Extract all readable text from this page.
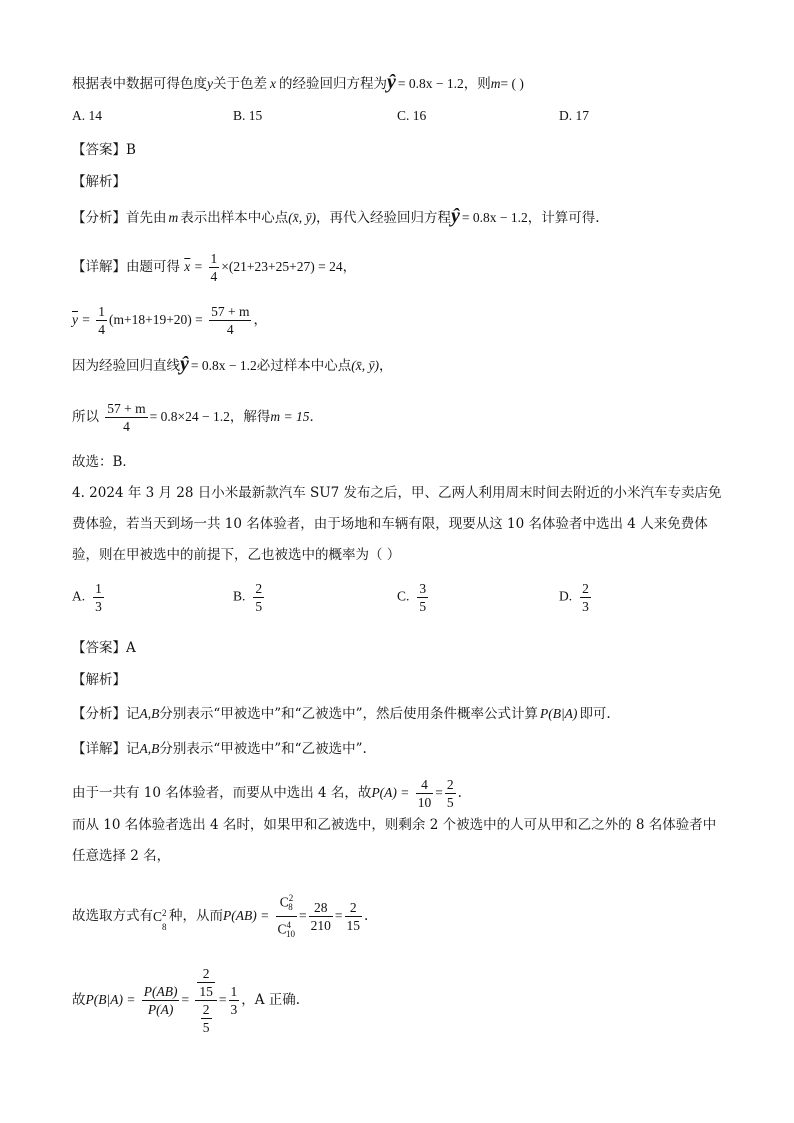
根据表中数据可得色度y关于色差 x 的经验回归方程为ŷ = 0.8x − 1.2，则m= ( )
A. 14	B. 15	C. 16	D. 17
【答案】B
【解析】
【分析】首先由 m 表示出样本中心点(x̄, ȳ)，再代入经验回归方程ŷ = 0.8x − 1.2，计算可得.
【详解】由题可得 $\overline{x} = \frac{1}{4} \times(21+23+25+27) = 24$，
$\overline{y} = \frac{1}{4} (m+18+19+20) = \frac{57 + m}{4}$ ，
因为经验回归直线ŷ = 0.8x − 1.2必过样本中心点(x̄, ȳ)，
所以 $\frac{57 + m}{4} = 0.8\times 24 - 1.2$，解得m = 15．
故选：B．
4. 2024 年 3 月 28 日小米最新款汽车 SU7 发布之后，甲、乙两人利用周末时间去附近的小米汽车专卖店免
费体验，若当天到场一共 10 名体验者，由于场地和车辆有限，现要从这 10 名体验者中选出 4 人来免费体
验，则在甲被选中的前提下，乙也被选中的概率为（ ）
A. $\frac{1}{3}$	B. $\frac{2}{5}$	C. $\frac{3}{5}$	D. $\frac{2}{3}$
【答案】A
【解析】
【分析】记A,B分别表示“甲被选中”和“乙被选中”，然后使用条件概率公式计算 P(B|A) 即可.
【详解】记A,B分别表示“甲被选中”和“乙被选中”.
由于一共有 10 名体验者，而要从中选出 4 名，故$P(A) = \frac{4}{10} = \frac{2}{5}$ .
而从 10 名体验者选出 4 名时，如果甲和乙被选中，则剩余 2 个被选中的人可从甲和乙之外的 8 名体验者中
任意选择 2 名，
故选取方式有C 2
8
种，从而$P(AB) = \frac{C^2_8}{C^4_{10}} = \frac{28}{210} = \frac{2}{15}$ .
故$P(B|A) = \frac{P(AB)}{P(A)} = \frac{\frac{2}{15}}{\frac{2}{5}} = \frac{1}{3}$ ，A 正确.
